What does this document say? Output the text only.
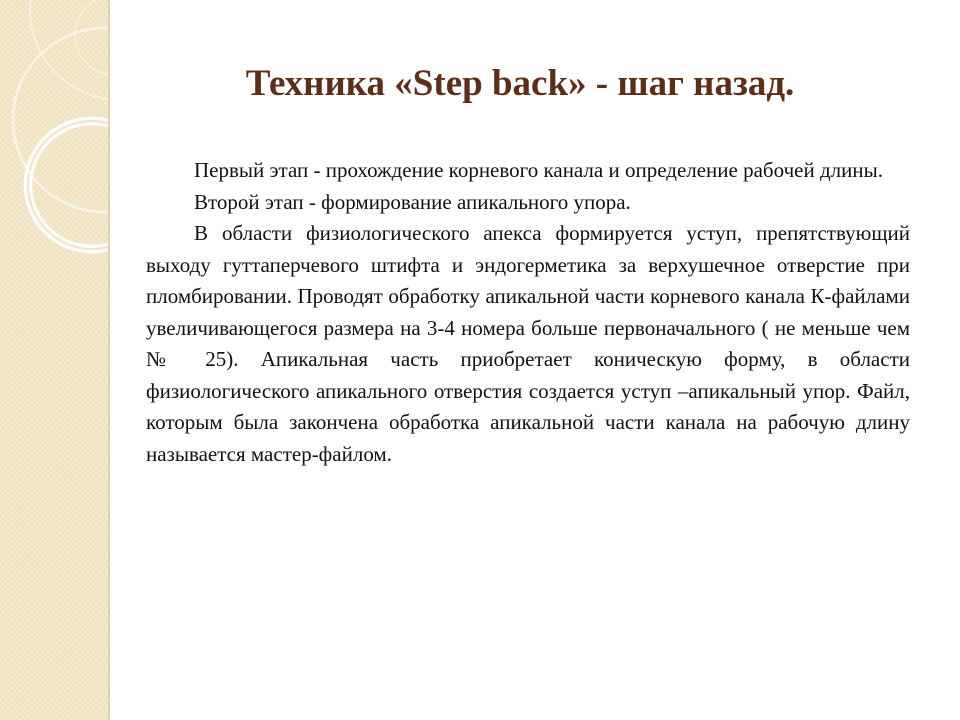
Техника «Step back» - шаг назад.

Первый этап - прохождение корневого канала и определение рабочей длины.

Второй этап - формирование апикального упора.

В области физиологического апекса формируется уступ, препятствующий выходу гуттаперчевого штифта и эндогерметика за верхушечное отверстие при пломбировании. Проводят обработку апикальной части корневого канала К-файлами увеличивающегося размера на 3-4 номера больше первоначального ( не меньше чем № 25). Апикальная часть приобретает коническую форму, в области физиологического апикального отверстия создается уступ –апикальный упор. Файл, которым была закончена обработка апикальной части канала на рабочую длину называется мастер-файлом.
